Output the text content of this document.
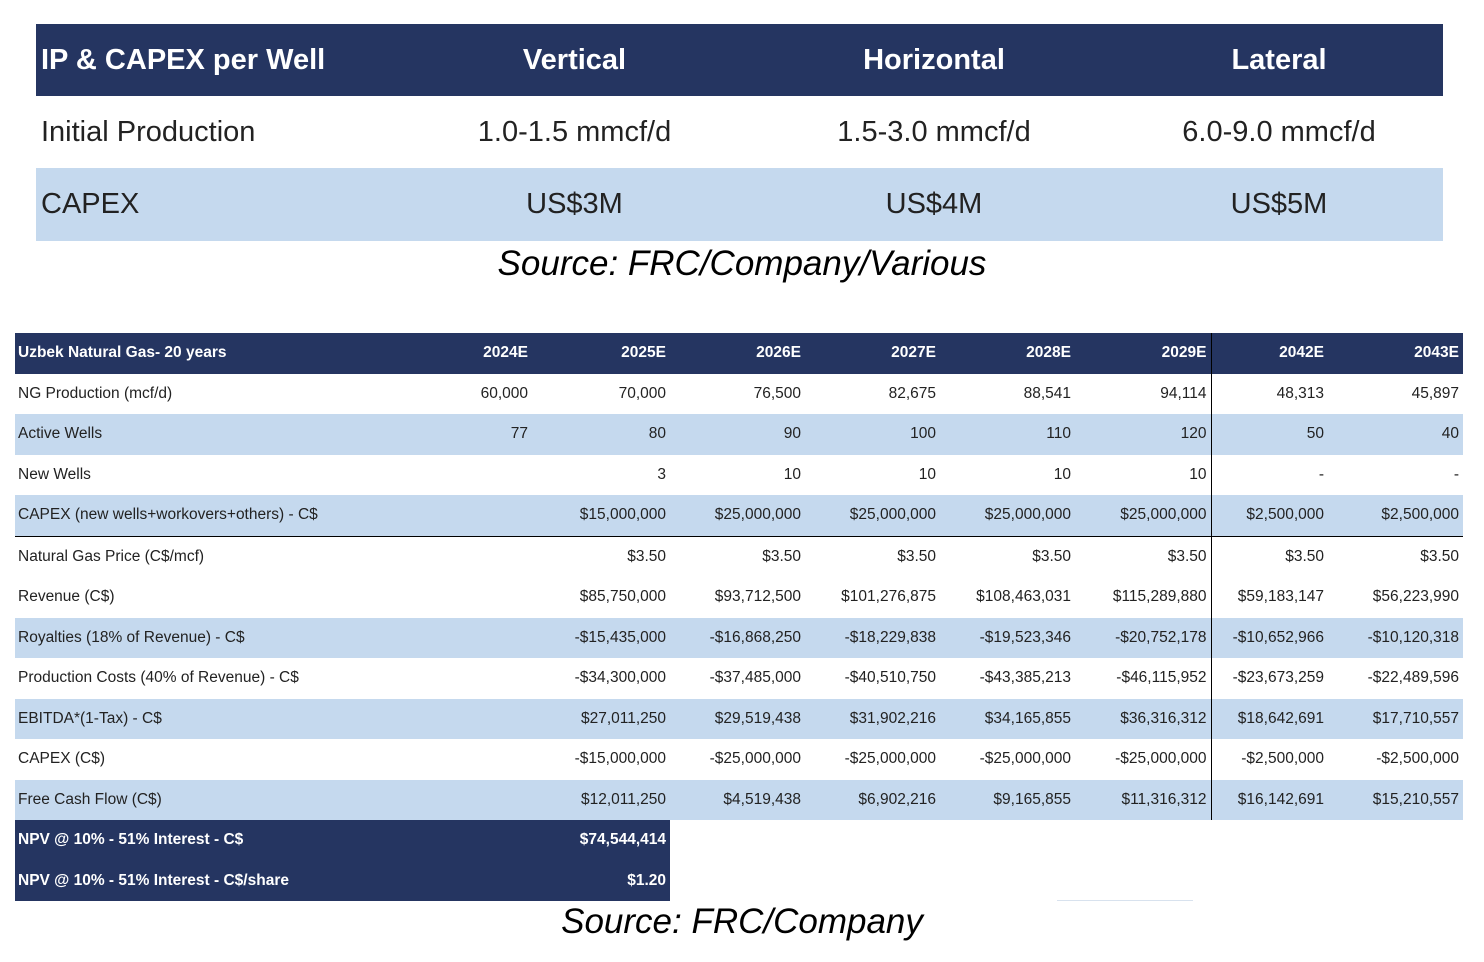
IP & CAPEX per Well	Vertical	Horizontal	Lateral
Initial Production	1.0-1.5 mmcf/d	1.5-3.0 mmcf/d	6.0-9.0 mmcf/d
CAPEX	US$3M	US$4M	US$5M
Source: FRC/Company/Various
Uzbek Natural Gas- 20 years	2024E	2025E	2026E	2027E	2028E	2029E	2042E	2043E
NG Production (mcf/d)	60,000	70,000	76,500	82,675	88,541	94,114	48,313	45,897
Active Wells	77	80	90	100	110	120	50	40
New Wells		3	10	10	10	10	-	-
CAPEX (new wells+workovers+others) - C$		$15,000,000	$25,000,000	$25,000,000	$25,000,000	$25,000,000	$2,500,000	$2,500,000
Natural Gas Price (C$/mcf)		$3.50	$3.50	$3.50	$3.50	$3.50	$3.50	$3.50
Revenue (C$)		$85,750,000	$93,712,500	$101,276,875	$108,463,031	$115,289,880	$59,183,147	$56,223,990
Royalties (18% of Revenue) - C$		-$15,435,000	-$16,868,250	-$18,229,838	-$19,523,346	-$20,752,178	-$10,652,966	-$10,120,318
Production Costs (40% of Revenue) - C$		-$34,300,000	-$37,485,000	-$40,510,750	-$43,385,213	-$46,115,952	-$23,673,259	-$22,489,596
EBITDA*(1-Tax) - C$		$27,011,250	$29,519,438	$31,902,216	$34,165,855	$36,316,312	$18,642,691	$17,710,557
CAPEX (C$)		-$15,000,000	-$25,000,000	-$25,000,000	-$25,000,000	-$25,000,000	-$2,500,000	-$2,500,000
Free Cash Flow (C$)		$12,011,250	$4,519,438	$6,902,216	$9,165,855	$11,316,312	$16,142,691	$15,210,557
NPV @ 10% - 51% Interest - C$		$74,544,414						
NPV @ 10% - 51% Interest - C$/share		$1.20						
Source: FRC/Company
